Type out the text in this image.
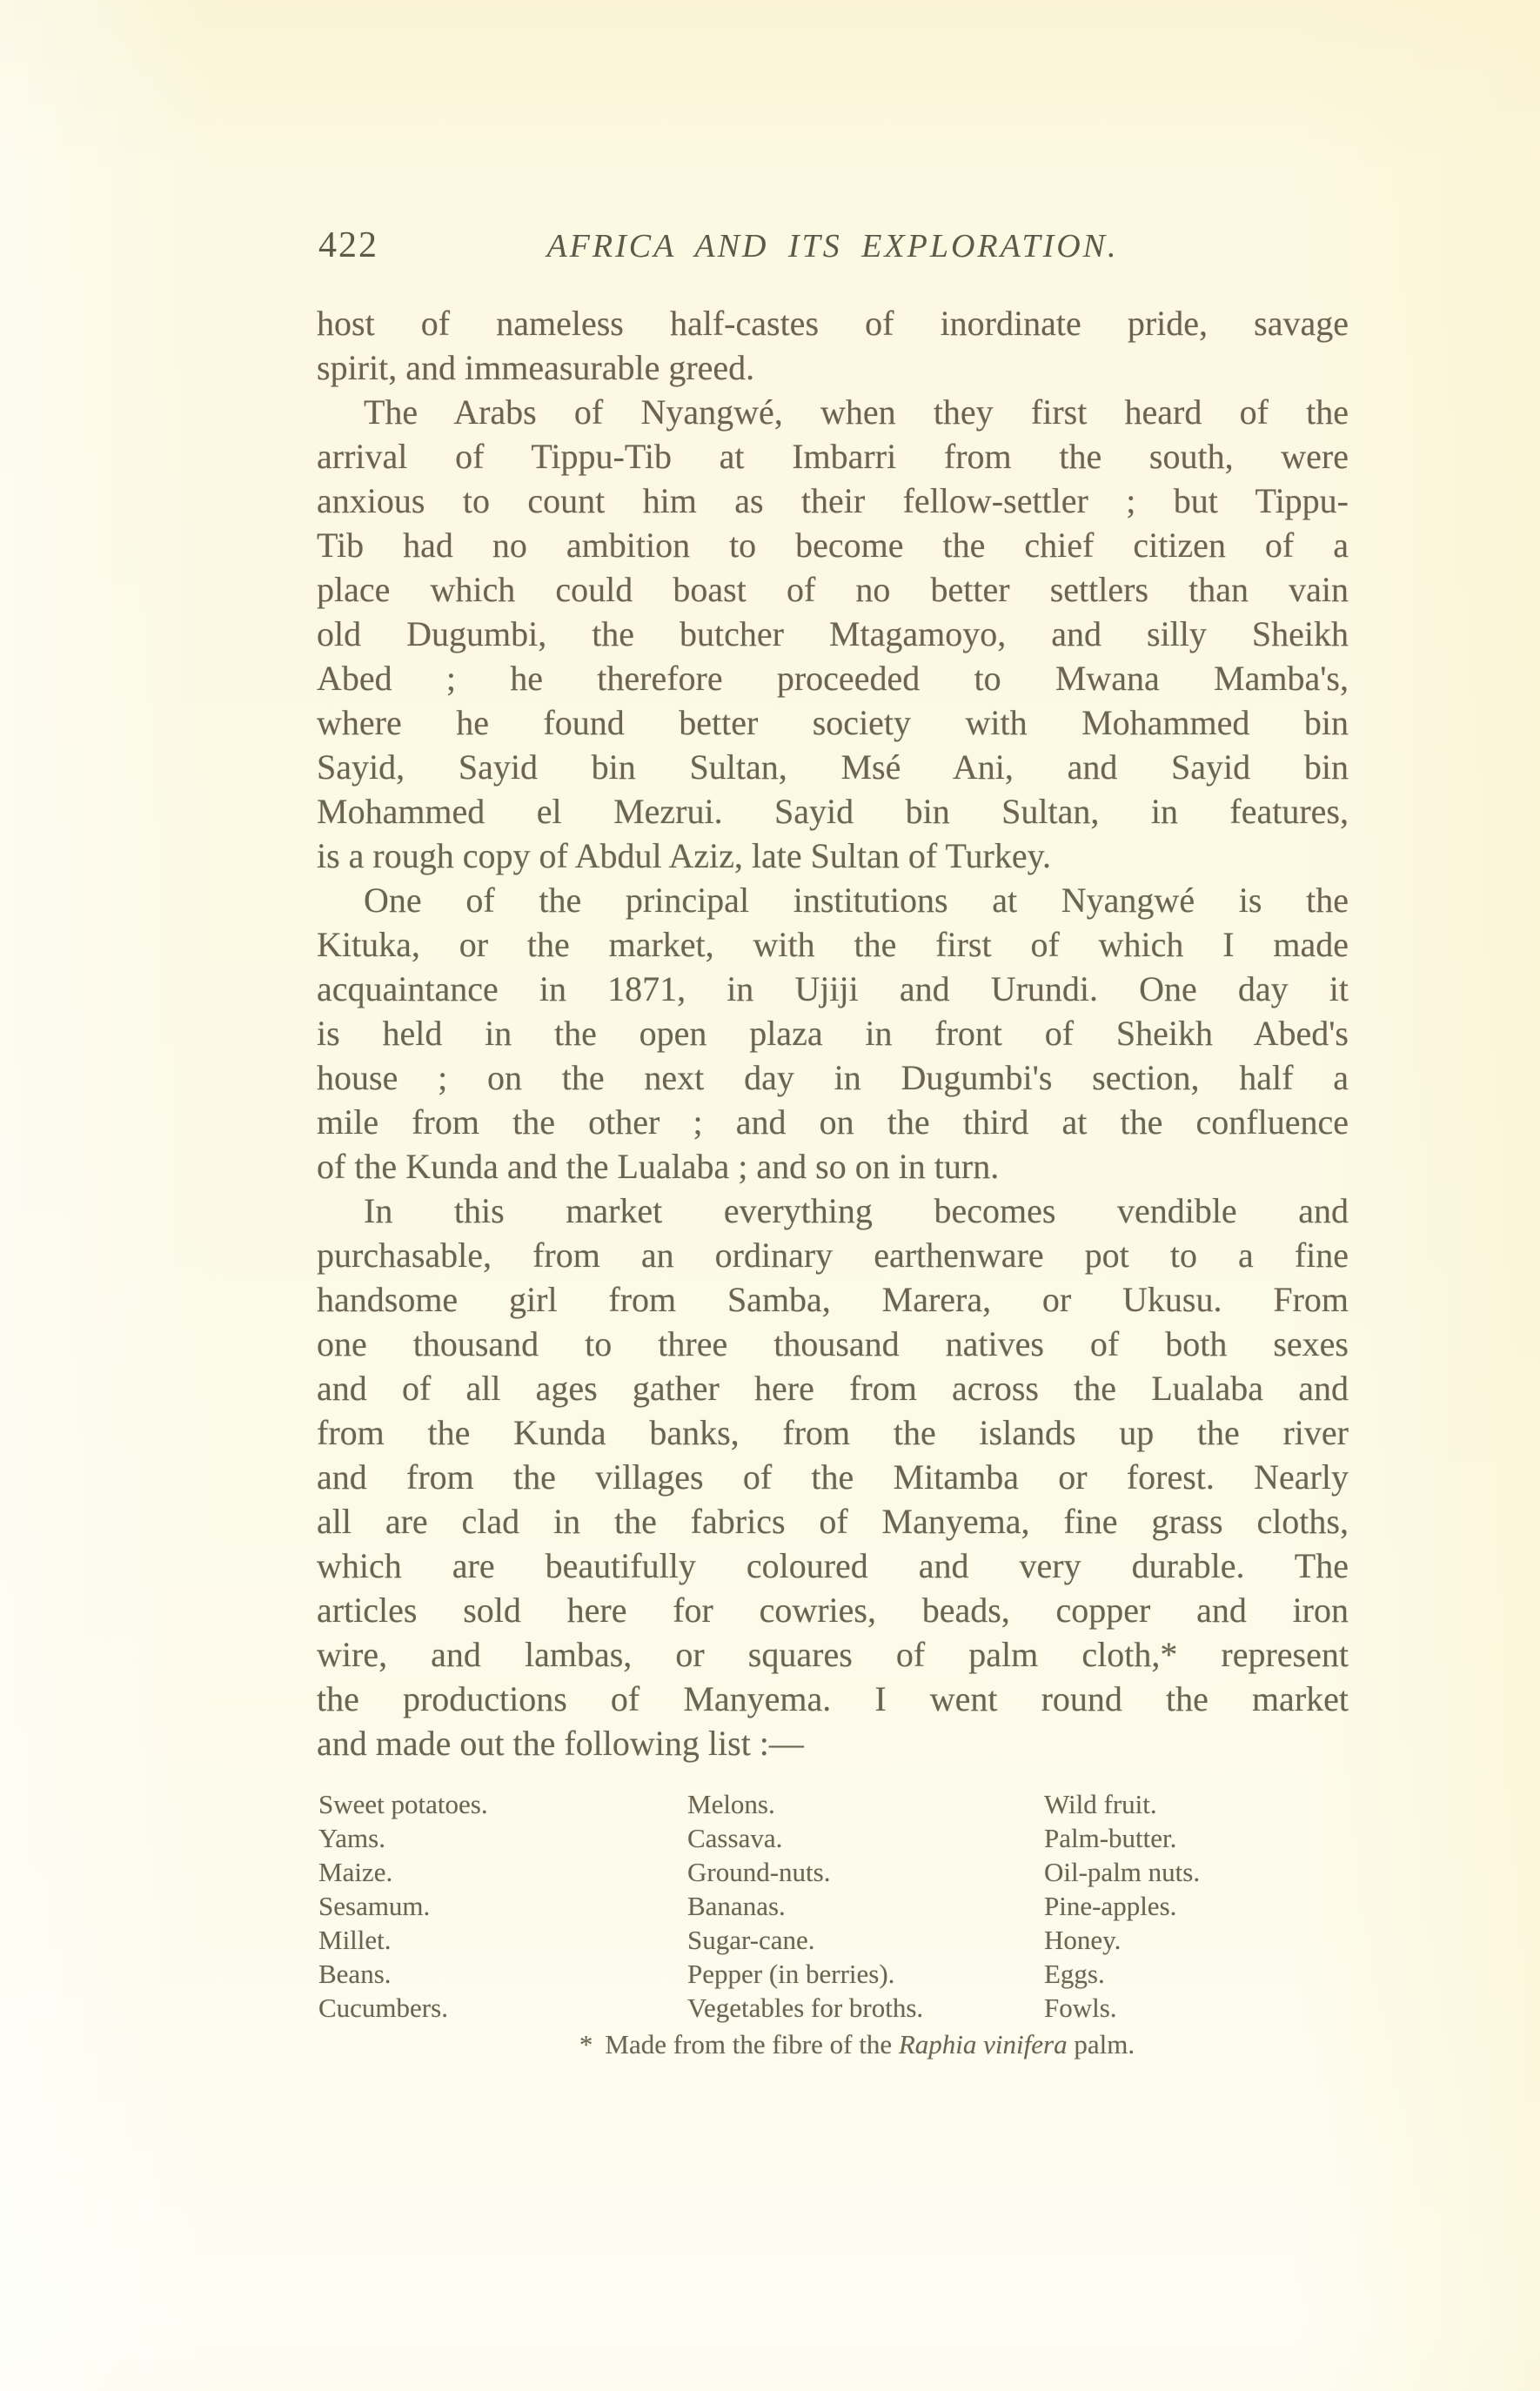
422	AFRICA AND ITS EXPLORATION.
host of nameless half-castes of inordinate pride, savage
spirit, and immeasurable greed.
The Arabs of Nyangwé, when they first heard of the
arrival of Tippu-Tib at Imbarri from the south, were
anxious to count him as their fellow-settler ; but Tippu-
Tib had no ambition to become the chief citizen of a
place which could boast of no better settlers than vain
old Dugumbi, the butcher Mtagamoyo, and silly Sheikh
Abed ; he therefore proceeded to Mwana Mamba's,
where he found better society with Mohammed bin
Sayid, Sayid bin Sultan, Msé Ani, and Sayid bin
Mohammed el Mezrui. Sayid bin Sultan, in features,
is a rough copy of Abdul Aziz, late Sultan of Turkey.
One of the principal institutions at Nyangwé is the
Kituka, or the market, with the first of which I made
acquaintance in 1871, in Ujiji and Urundi. One day it
is held in the open plaza in front of Sheikh Abed's
house ; on the next day in Dugumbi's section, half a
mile from the other ; and on the third at the confluence
of the Kunda and the Lualaba ; and so on in turn.
In this market everything becomes vendible and
purchasable, from an ordinary earthenware pot to a fine
handsome girl from Samba, Marera, or Ukusu. From
one thousand to three thousand natives of both sexes
and of all ages gather here from across the Lualaba and
from the Kunda banks, from the islands up the river
and from the villages of the Mitamba or forest. Nearly
all are clad in the fabrics of Manyema, fine grass cloths,
which are beautifully coloured and very durable. The
articles sold here for cowries, beads, copper and iron
wire, and lambas, or squares of palm cloth,* represent
the productions of Manyema. I went round the market
and made out the following list :—
Sweet potatoes.
Yams.
Maize.
Sesamum.
Millet.
Beans.
Cucumbers.
Melons.
Cassava.
Ground-nuts.
Bananas.
Sugar-cane.
Pepper (in berries).
Vegetables for broths.
Wild fruit.
Palm-butter.
Oil-palm nuts.
Pine-apples.
Honey.
Eggs.
Fowls.
* Made from the fibre of the Raphia vinifera palm.
